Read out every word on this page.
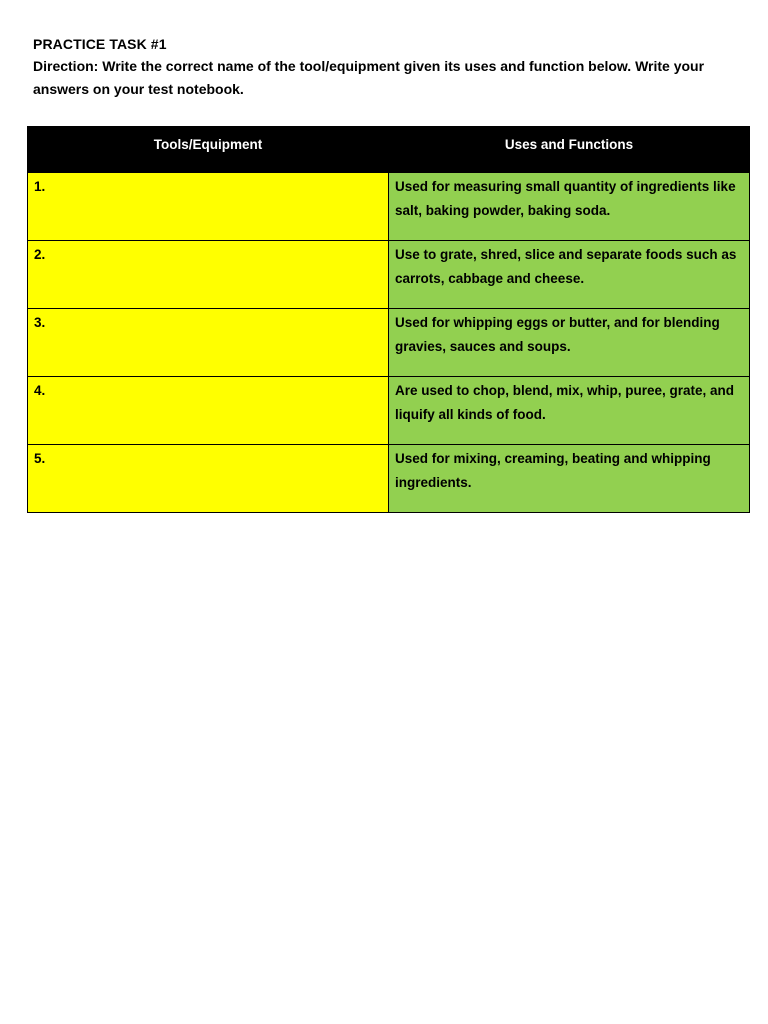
PRACTICE TASK #1

Direction: Write the correct name of the tool/equipment given its uses and function below. Write your answers on your test notebook.

Tools/Equipment	Uses and Functions
1.	Used for measuring small quantity of ingredients like salt, baking powder, baking soda.
2.	Use to grate, shred, slice and separate foods such as carrots, cabbage and cheese.
3.	Used for whipping eggs or butter, and for blending gravies, sauces and soups.
4.	Are used to chop, blend, mix, whip, puree, grate, and liquify all kinds of food.
5.	Used for mixing, creaming, beating and whipping ingredients.
